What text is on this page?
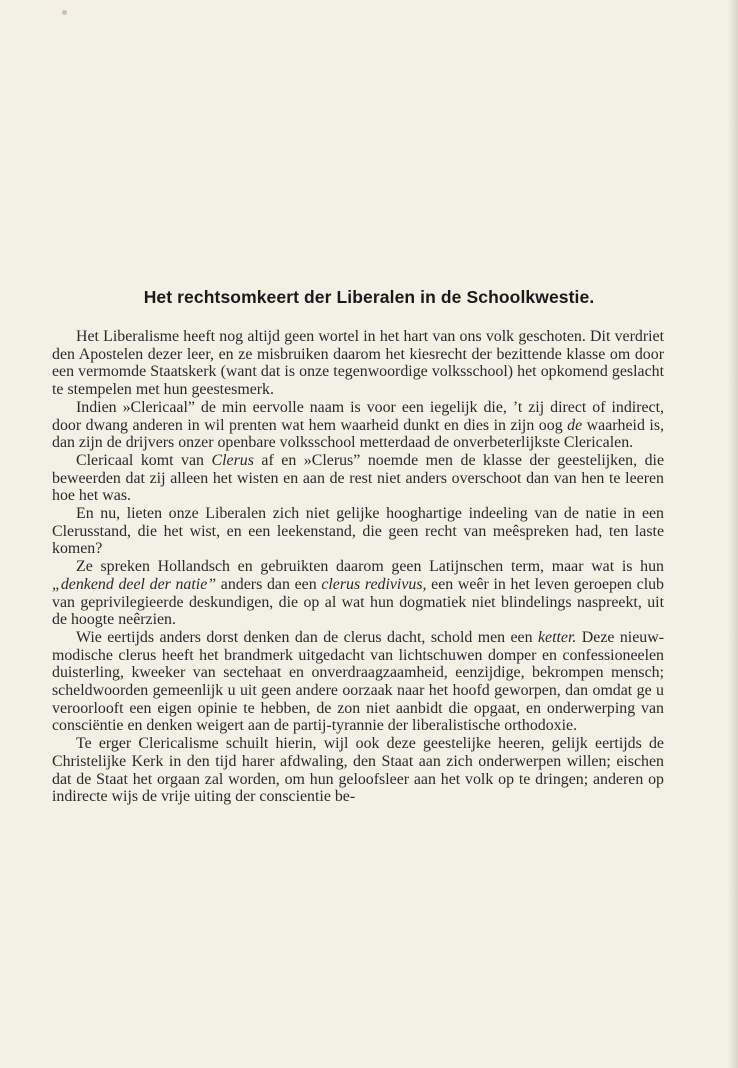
Het rechtsomkeert der Liberalen in de Schoolkwestie.

Het Liberalisme heeft nog altijd geen wortel in het hart van ons volk geschoten. Dit verdriet den Apostelen dezer leer, en ze misbruiken daarom het kiesrecht der bezittende klasse om door een vermomde Staatskerk (want dat is onze tegenwoordige volksschool) het opkomend geslacht te stempelen met hun geestesmerk.

Indien »Clericaal” de min eervolle naam is voor een iegelijk die, ’t zij direct of indirect, door dwang anderen in wil prenten wat hem waarheid dunkt en dies in zijn oog de waarheid is, dan zijn de drijvers onzer openbare volksschool metterdaad de onverbeterlijkste Clericalen.

Clericaal komt van Clerus af en »Clerus” noemde men de klasse der geestelijken, die beweerden dat zij alleen het wisten en aan de rest niet anders overschoot dan van hen te leeren hoe het was.

En nu, lieten onze Liberalen zich niet gelijke hooghartige indeeling van de natie in een Clerusstand, die het wist, en een leekenstand, die geen recht van meêspreken had, ten laste komen?

Ze spreken Hollandsch en gebruikten daarom geen Latijnschen term, maar wat is hun „denkend deel der natie” anders dan een clerus redivivus, een weêr in het leven geroepen club van geprivilegieerde deskundigen, die op al wat hun dogmatiek niet blindelings naspreekt, uit de hoogte neêrzien.

Wie eertijds anders dorst denken dan de clerus dacht, schold men een ketter. Deze nieuw-modische clerus heeft het brandmerk uitgedacht van lichtschuwen domper en confessioneelen duisterling, kweeker van sectehaat en onverdraagzaamheid, eenzijdige, bekrompen mensch; scheldwoorden gemeenlijk u uit geen andere oorzaak naar het hoofd geworpen, dan omdat ge u veroorlooft een eigen opinie te hebben, de zon niet aanbidt die opgaat, en onderwerping van consciëntie en denken weigert aan de partij-tyrannie der liberalistische orthodoxie.

Te erger Clericalisme schuilt hierin, wijl ook deze geestelijke heeren, gelijk eertijds de Christelijke Kerk in den tijd harer afdwaling, den Staat aan zich onderwerpen willen; eischen dat de Staat het orgaan zal worden, om hun geloofsleer aan het volk op te dringen; anderen op indirecte wijs de vrije uiting der conscientie be-
